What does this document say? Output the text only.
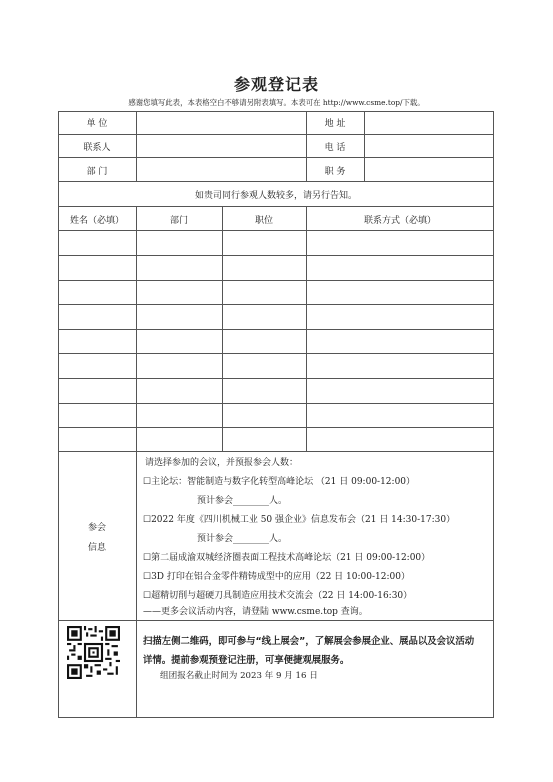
参观登记表
感谢您填写此表，本表格空白不够请另附表填写。本表可在 http://www.csme.top/下载。
单 位	地 址
联系人	电 话
部 门	职 务
如贵司同行参观人数较多，请另行告知。
姓名（必填）	部门	职位	联系方式（必填）
参会
信息
请选择参加的会议，并预报参会人数：
☐主论坛：智能制造与数字化转型高峰论坛 （21 日 09:00-12:00）
预计参会________人。
☐2022 年度《四川机械工业 50 强企业》信息发布会（21 日 14:30-17:30）
预计参会________人。
☐第二届成渝双城经济圈表面工程技术高峰论坛（21 日 09:00-12:00）
☐3D 打印在铝合金零件精铸成型中的应用（22 日 10:00-12:00）
☐超精切削与超硬刀具制造应用技术交流会（22 日 14:00-16:30）
——更多会议活动内容，请登陆 www.csme.top 查询。
扫描左侧二维码，即可参与“线上展会”，了解展会参展企业、展品以及会议活动详情。提前参观预登记注册，可享便捷观展服务。
组团报名截止时间为 2023 年 9 月 16 日
